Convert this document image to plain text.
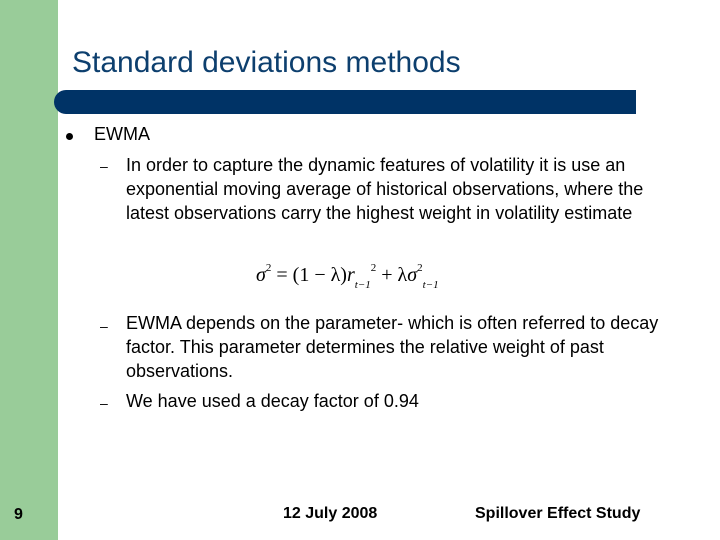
Standard deviations methods
EWMA
– In order to capture the dynamic features of volatility it is use an exponential moving average of historical observations, where the latest observations carry the highest weight in volatility estimate
$\sigma^2 = (1 - \lambda)r_{t-1}^2 + \lambda\sigma^2_{t-1}$
– EWMA depends on the parameter- which is often referred to decay factor. This parameter determines the relative weight of past observations.
– We have used a decay factor of 0.94
9	12 July 2008	Spillover Effect Study
